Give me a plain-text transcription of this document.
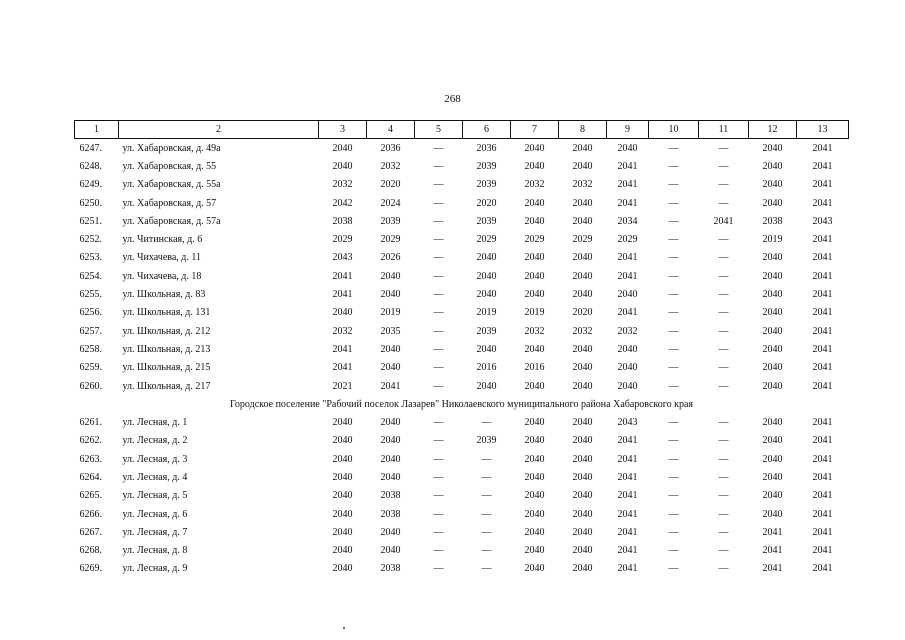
268
1	2	3	4	5	6	7	8	9	10	11	12	13
6247.	ул. Хабаровская, д. 49а	2040	2036	—	2036	2040	2040	2040	—	—	2040	2041
6248.	ул. Хабаровская, д. 55	2040	2032	—	2039	2040	2040	2041	—	—	2040	2041
6249.	ул. Хабаровская, д. 55а	2032	2020	—	2039	2032	2032	2041	—	—	2040	2041
6250.	ул. Хабаровская, д. 57	2042	2024	—	2020	2040	2040	2041	—	—	2040	2041
6251.	ул. Хабаровская, д. 57а	2038	2039	—	2039	2040	2040	2034	—	2041	2038	2043
6252.	ул. Читинская, д. 6	2029	2029	—	2029	2029	2029	2029	—	—	2019	2041
6253.	ул. Чихачева, д. 11	2043	2026	—	2040	2040	2040	2041	—	—	2040	2041
6254.	ул. Чихачева, д. 18	2041	2040	—	2040	2040	2040	2041	—	—	2040	2041
6255.	ул. Школьная, д. 83	2041	2040	—	2040	2040	2040	2040	—	—	2040	2041
6256.	ул. Школьная, д. 131	2040	2019	—	2019	2019	2020	2041	—	—	2040	2041
6257.	ул. Школьная, д. 212	2032	2035	—	2039	2032	2032	2032	—	—	2040	2041
6258.	ул. Школьная, д. 213	2041	2040	—	2040	2040	2040	2040	—	—	2040	2041
6259.	ул. Школьная, д. 215	2041	2040	—	2016	2016	2040	2040	—	—	2040	2041
6260.	ул. Школьная, д. 217	2021	2041	—	2040	2040	2040	2040	—	—	2040	2041
Городское поселение "Рабочий поселок Лазарев" Николаевского муниципального района Хабаровского края												
6261.	ул. Лесная, д. 1	2040	2040	—	—	2040	2040	2043	—	—	2040	2041
6262.	ул. Лесная, д. 2	2040	2040	—	2039	2040	2040	2041	—	—	2040	2041
6263.	ул. Лесная, д. 3	2040	2040	—	—	2040	2040	2041	—	—	2040	2041
6264.	ул. Лесная, д. 4	2040	2040	—	—	2040	2040	2041	—	—	2040	2041
6265.	ул. Лесная, д. 5	2040	2038	—	—	2040	2040	2041	—	—	2040	2041
6266.	ул. Лесная, д. 6	2040	2038	—	—	2040	2040	2041	—	—	2040	2041
6267.	ул. Лесная, д. 7	2040	2040	—	—	2040	2040	2041	—	—	2041	2041
6268.	ул. Лесная, д. 8	2040	2040	—	—	2040	2040	2041	—	—	2041	2041
6269.	ул. Лесная, д. 9	2040	2038	—	—	2040	2040	2041	—	—	2041	2041
